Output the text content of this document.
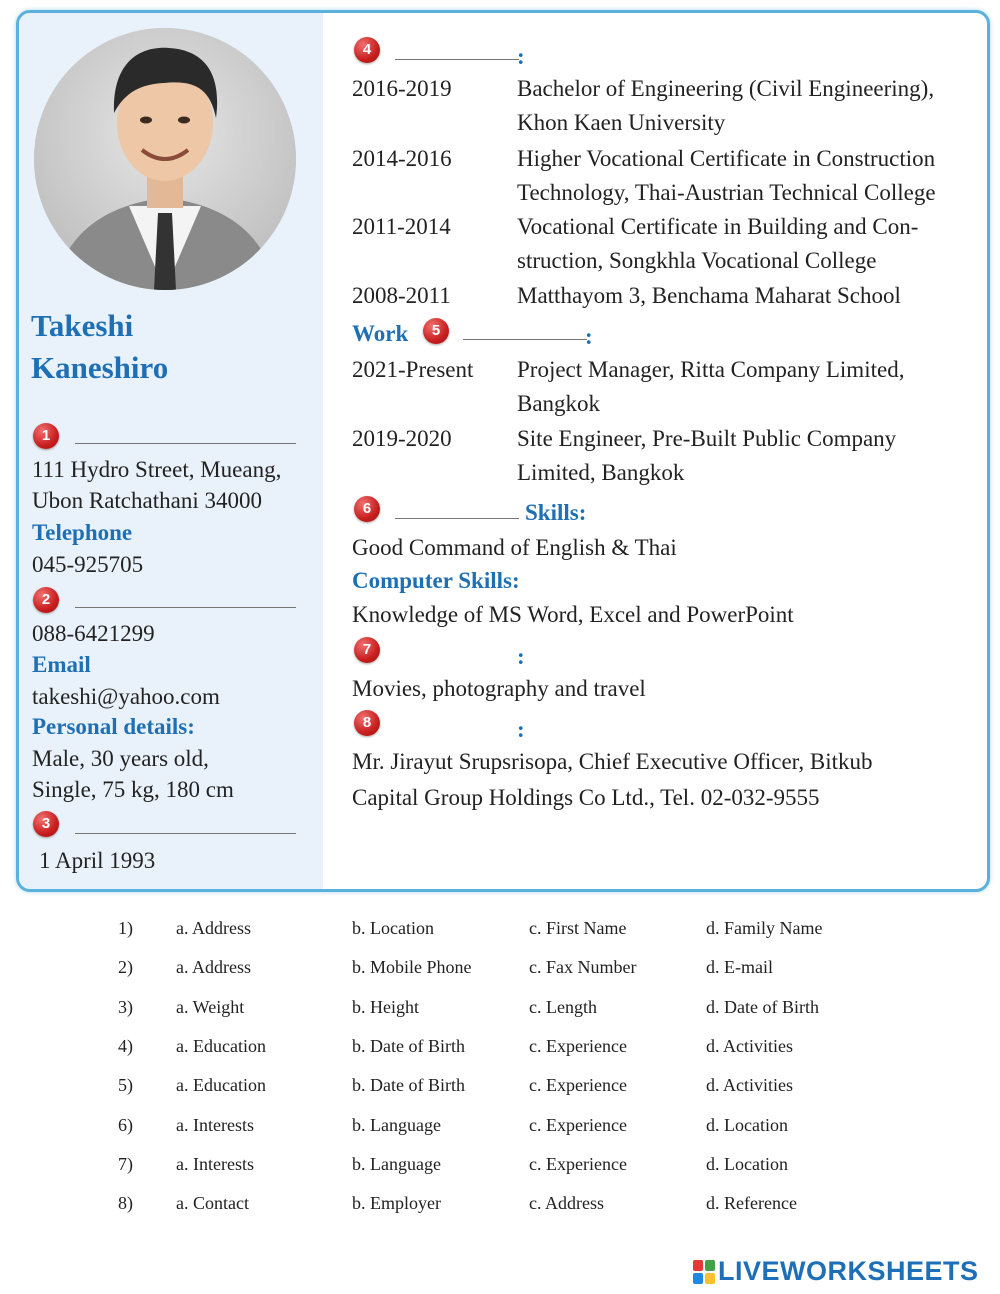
Takeshi
Kaneshiro
1
111 Hydro Street, Mueang,
Ubon Ratchathani 34000
Telephone
045-925705
2
088-6421299
Email
takeshi@yahoo.com
Personal details:
Male, 30 years old,
Single, 75 kg, 180 cm
3
1 April 1993
4	:
2016-2019	Bachelor of Engineering (Civil Engineering),
Khon Kaen University
2014-2016	Higher Vocational Certificate in Construction
Technology, Thai-Austrian Technical College
2011-2014	Vocational Certificate in Building and Con-
struction, Songkhla Vocational College
2008-2011	Matthayom 3, Benchama Maharat School
Work	5	:
2021-Present Project Manager, Ritta Company Limited,
Bangkok
2019-2020	Site Engineer, Pre-Built Public Company
Limited, Bangkok
6	Skills:
Good Command of English & Thai
Computer Skills:
Knowledge of MS Word, Excel and PowerPoint
7	:
Movies, photography and travel
8	:
Mr. Jirayut Srupsrisopa, Chief Executive Officer, Bitkub
Capital Group Holdings Co Ltd., Tel. 02-032-9555
1) a. Address	b. Location	c. First Name	d. Family Name
2) a. Address	b. Mobile Phone	c. Fax Number	d. E-mail
3) a. Weight	b. Height	c. Length	d. Date of Birth
4) a. Education	b. Date of Birth	c. Experience	d. Activities
5) a. Education	b. Date of Birth	c. Experience	d. Activities
6) a. Interests	b. Language	c. Experience	d. Location
7) a. Interests	b. Language	c. Experience	d. Location
8) a. Contact	b. Employer	c. Address	d. Reference
LIVEWORKSHEETS
